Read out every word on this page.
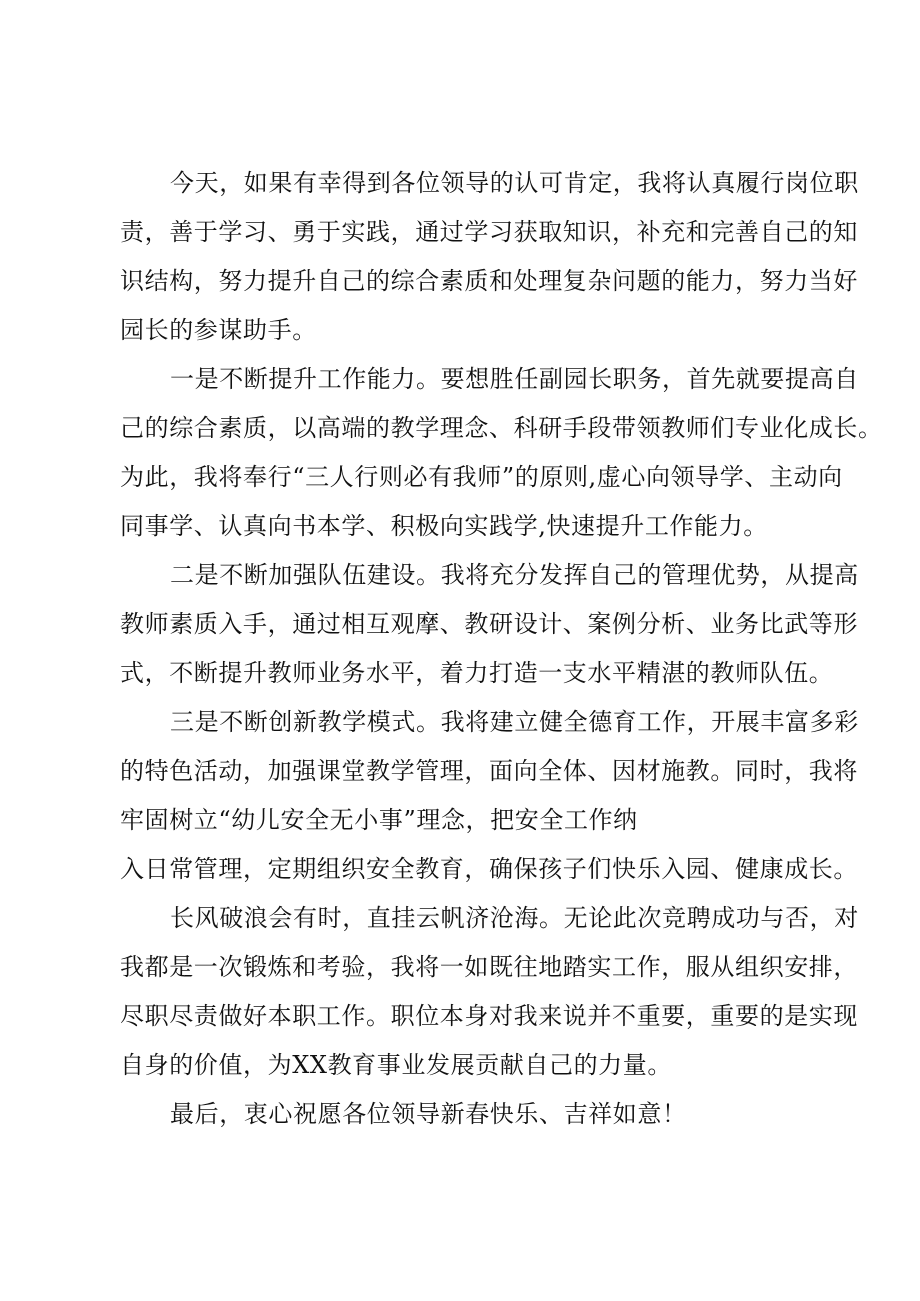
今天，如果有幸得到各位领导的认可肯定，我将认真履行岗位职
责，善于学习、勇于实践，通过学习获取知识，补充和完善自己的知
识结构，努力提升自己的综合素质和处理复杂问题的能力，努力当好
园长的参谋助手。
一是不断提升工作能力。要想胜任副园长职务，首先就要提高自
己的综合素质，以高端的教学理念、科研手段带领教师们专业化成长。
为此，我将奉行“三人行则必有我师”的原则,虚心向领导学、主动向
同事学、认真向书本学、积极向实践学,快速提升工作能力。
二是不断加强队伍建设。我将充分发挥自己的管理优势，从提高
教师素质入手，通过相互观摩、教研设计、案例分析、业务比武等形
式，不断提升教师业务水平，着力打造一支水平精湛的教师队伍。
三是不断创新教学模式。我将建立健全德育工作，开展丰富多彩
的特色活动，加强课堂教学管理，面向全体、因材施教。同时，我将
牢固树立“幼儿安全无小事”理念，把安全工作纳
入日常管理，定期组织安全教育，确保孩子们快乐入园、健康成长。
长风破浪会有时，直挂云帆济沧海。无论此次竞聘成功与否，对
我都是一次锻炼和考验，我将一如既往地踏实工作，服从组织安排，
尽职尽责做好本职工作。职位本身对我来说并不重要，重要的是实现
自身的价值，为XX教育事业发展贡献自己的力量。
最后，衷心祝愿各位领导新春快乐、吉祥如意！
